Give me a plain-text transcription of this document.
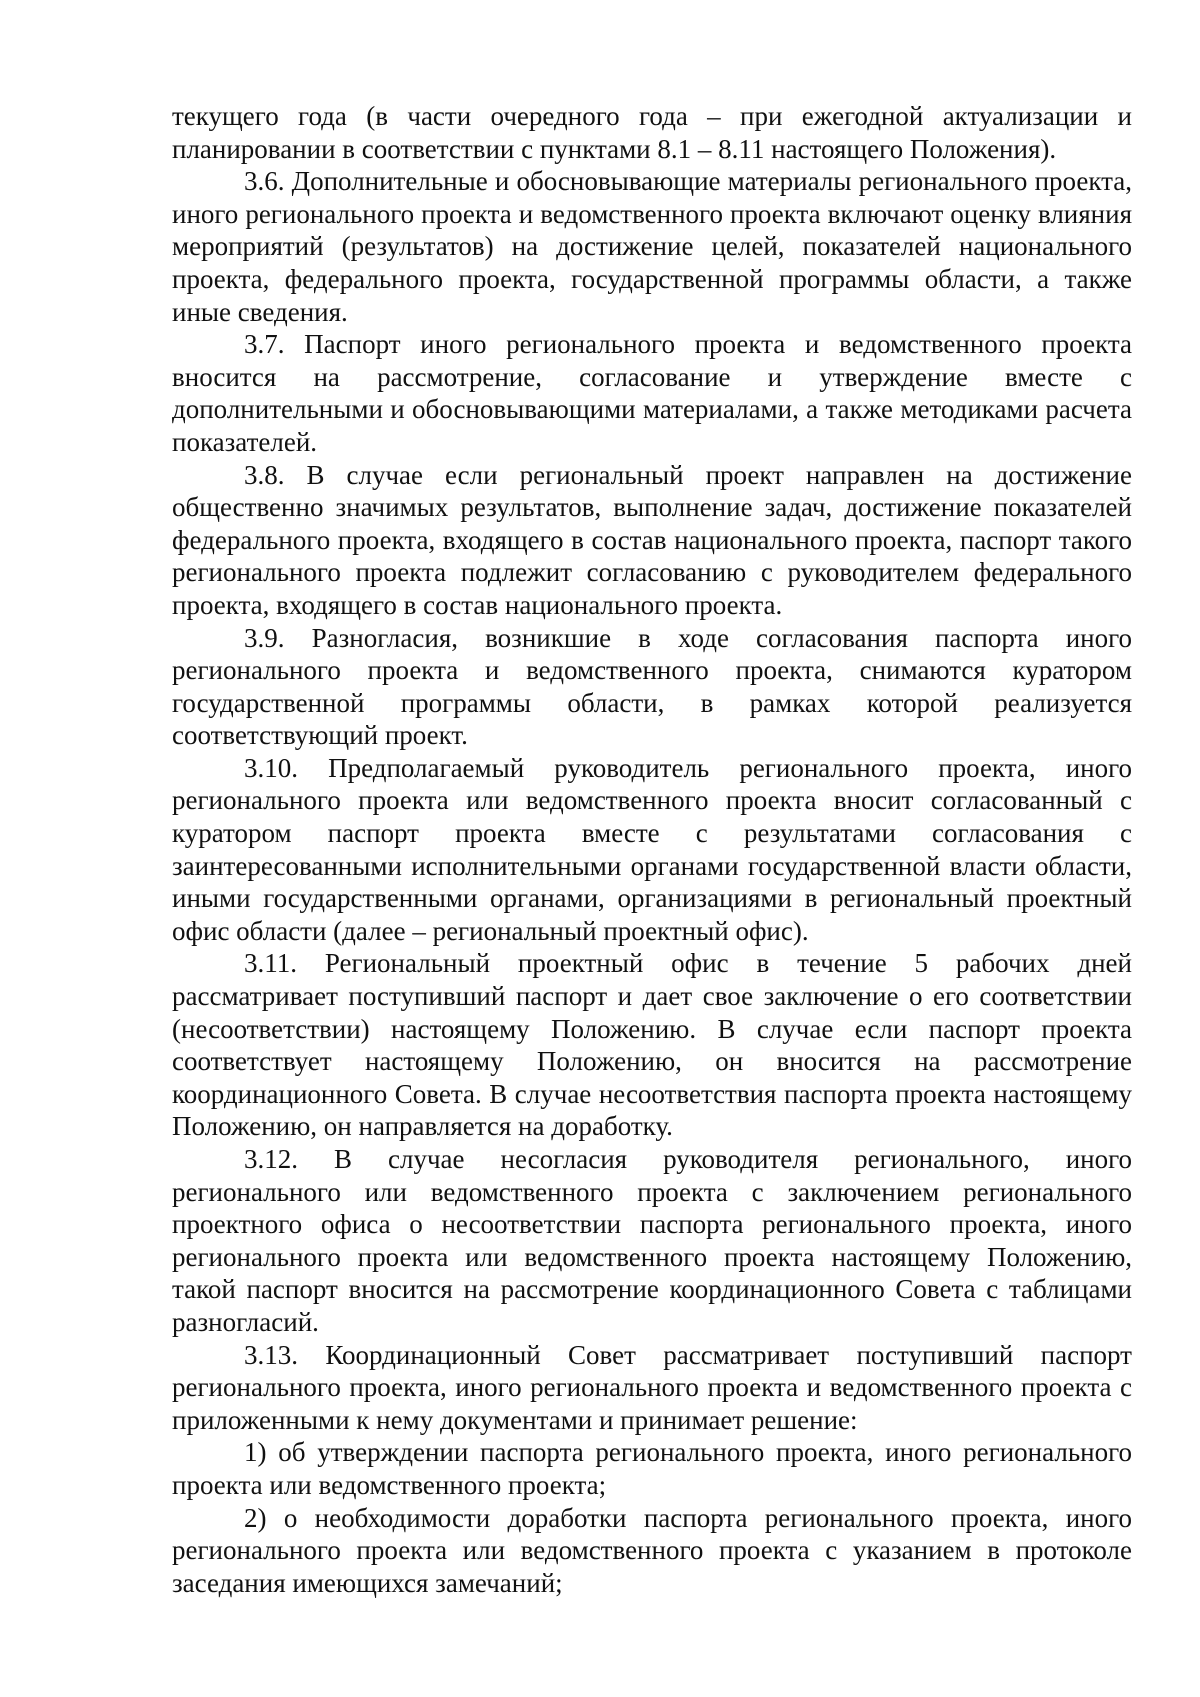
текущего года (в части очередного года – при ежегодной актуализации и планировании в соответствии с пунктами 8.1 – 8.11 настоящего Положения).

3.6. Дополнительные и обосновывающие материалы регионального проекта, иного регионального проекта и ведомственного проекта включают оценку влияния мероприятий (результатов) на достижение целей, показателей национального проекта, федерального проекта, государственной программы области, а также иные сведения.

3.7. Паспорт иного регионального проекта и ведомственного проекта вносится на рассмотрение, согласование и утверждение вместе с дополнительными и обосновывающими материалами, а также методиками расчета показателей.

3.8. В случае если региональный проект направлен на достижение общественно значимых результатов, выполнение задач, достижение показателей федерального проекта, входящего в состав национального проекта, паспорт такого регионального проекта подлежит согласованию с руководителем федерального проекта, входящего в состав национального проекта.

3.9. Разногласия, возникшие в ходе согласования паспорта иного регионального проекта и ведомственного проекта, снимаются куратором государственной программы области, в рамках которой реализуется соответствующий проект.

3.10. Предполагаемый руководитель регионального проекта, иного регионального проекта или ведомственного проекта вносит согласованный с куратором паспорт проекта вместе с результатами согласования с заинтересованными исполнительными органами государственной власти области, иными государственными органами, организациями в региональный проектный офис области (далее – региональный проектный офис).

3.11. Региональный проектный офис в течение 5 рабочих дней рассматривает поступивший паспорт и дает свое заключение о его соответствии (несоответствии) настоящему Положению. В случае если паспорт проекта соответствует настоящему Положению, он вносится на рассмотрение координационного Совета. В случае несоответствия паспорта проекта настоящему Положению, он направляется на доработку.

3.12. В случае несогласия руководителя регионального, иного регионального или ведомственного проекта с заключением регионального проектного офиса о несоответствии паспорта регионального проекта, иного регионального проекта или ведомственного проекта настоящему Положению, такой паспорт вносится на рассмотрение координационного Совета с таблицами разногласий.

3.13. Координационный Совет рассматривает поступивший паспорт регионального проекта, иного регионального проекта и ведомственного проекта с приложенными к нему документами и принимает решение:

1) об утверждении паспорта регионального проекта, иного регионального проекта или ведомственного проекта;

2) о необходимости доработки паспорта регионального проекта, иного регионального проекта или ведомственного проекта с указанием в протоколе заседания имеющихся замечаний;
